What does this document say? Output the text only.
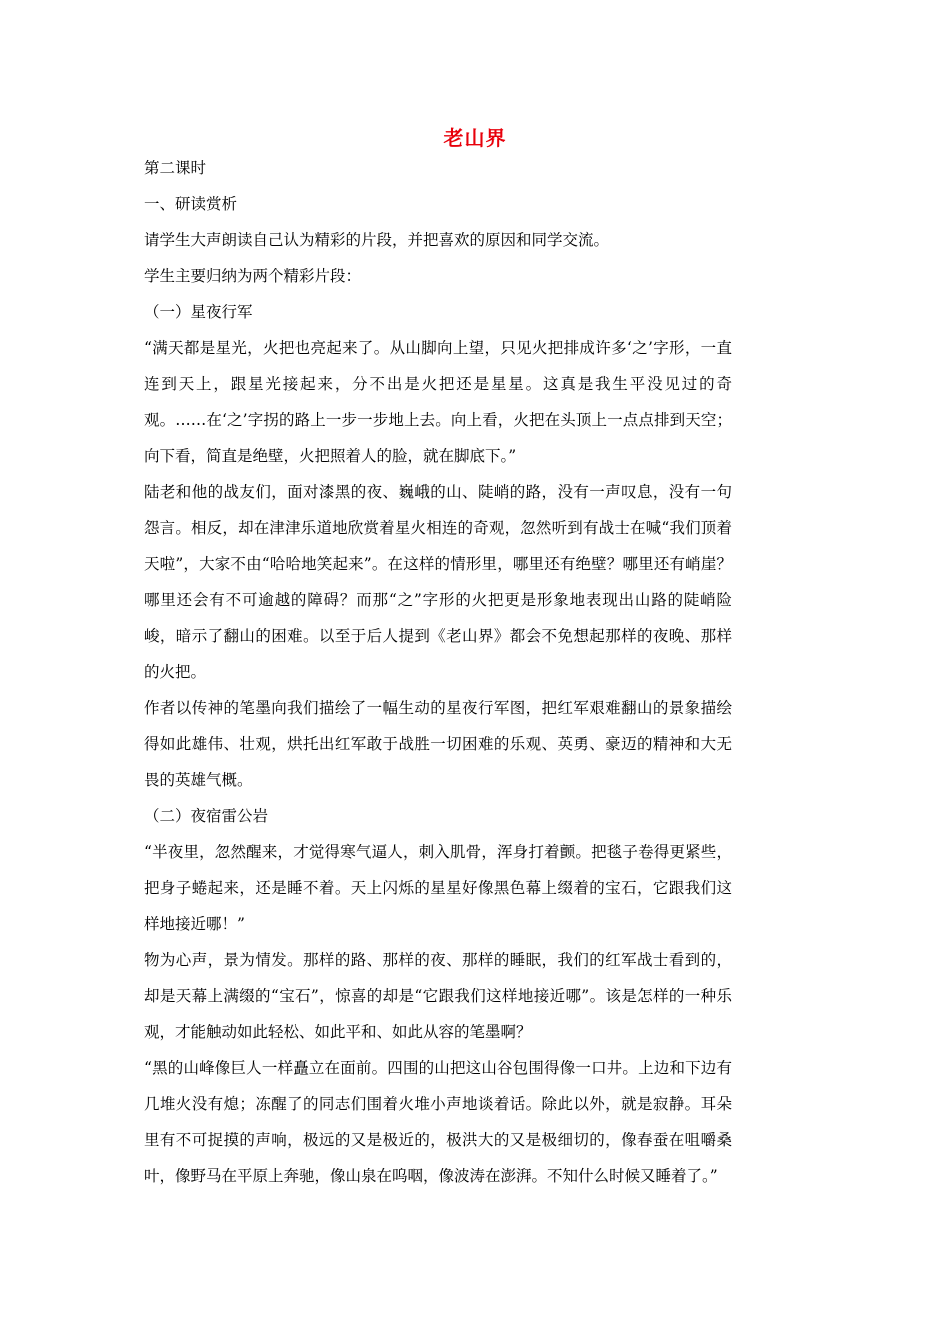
老山界

第二课时

一、研读赏析

请学生大声朗读自己认为精彩的片段，并把喜欢的原因和同学交流。

学生主要归纳为两个精彩片段：

（一）星夜行军

“满天都是星光，火把也亮起来了。从山脚向上望，只见火把排成许多‘之’字形，一直连到天上，跟星光接起来，分不出是火把还是星星。这真是我生平没见过的奇观。……在‘之’字拐的路上一步一步地上去。向上看，火把在头顶上一点点排到天空；向下看，简直是绝壁，火把照着人的脸，就在脚底下。”

陆老和他的战友们，面对漆黑的夜、巍峨的山、陡峭的路，没有一声叹息，没有一句怨言。相反，却在津津乐道地欣赏着星火相连的奇观，忽然听到有战士在喊“我们顶着天啦”，大家不由“哈哈地笑起来”。在这样的情形里，哪里还有绝壁？哪里还有峭崖？哪里还会有不可逾越的障碍？而那“之”字形的火把更是形象地表现出山路的陡峭险峻，暗示了翻山的困难。以至于后人提到《老山界》都会不免想起那样的夜晚、那样的火把。

作者以传神的笔墨向我们描绘了一幅生动的星夜行军图，把红军艰难翻山的景象描绘得如此雄伟、壮观，烘托出红军敢于战胜一切困难的乐观、英勇、豪迈的精神和大无畏的英雄气概。

（二）夜宿雷公岩

“半夜里，忽然醒来，才觉得寒气逼人，刺入肌骨，浑身打着颤。把毯子卷得更紧些，把身子蜷起来，还是睡不着。天上闪烁的星星好像黑色幕上缀着的宝石，它跟我们这样地接近哪！”

物为心声，景为情发。那样的路、那样的夜、那样的睡眠，我们的红军战士看到的，却是天幕上满缀的“宝石”，惊喜的却是“它跟我们这样地接近哪”。该是怎样的一种乐观，才能触动如此轻松、如此平和、如此从容的笔墨啊？

“黑的山峰像巨人一样矗立在面前。四围的山把这山谷包围得像一口井。上边和下边有几堆火没有熄；冻醒了的同志们围着火堆小声地谈着话。除此以外，就是寂静。耳朵里有不可捉摸的声响，极远的又是极近的，极洪大的又是极细切的，像春蚕在咀嚼桑叶，像野马在平原上奔驰，像山泉在呜咽，像波涛在澎湃。不知什么时候又睡着了。”
